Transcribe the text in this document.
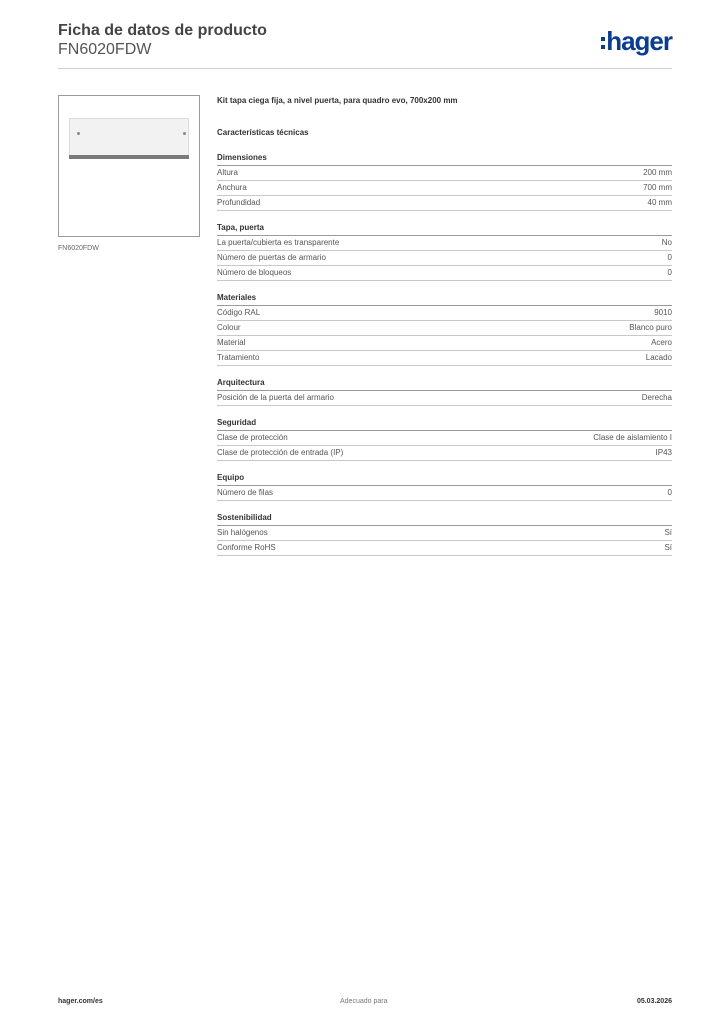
Ficha de datos de producto
FN6020FDW	hager
FN6020FDW
Kit tapa ciega fija, a nivel puerta, para quadro evo, 700x200 mm
Características técnicas
Dimensiones
Altura	200 mm
Anchura	700 mm
Profundidad	40 mm
Tapa, puerta
La puerta/cubierta es transparente	No
Número de puertas de armario	0
Número de bloqueos	0
Materiales
Código RAL	9010
Colour	Blanco puro
Material	Acero
Tratamiento	Lacado
Arquitectura
Posición de la puerta del armario	Derecha
Seguridad
Clase de protección	Clase de aislamiento I
Clase de protección de entrada (IP)	IP43
Equipo
Número de filas	0
Sostenibilidad
Sin halógenos	Sí
Conforme RoHS	Sí
hager.com/es	Adecuado para	05.03.2026
